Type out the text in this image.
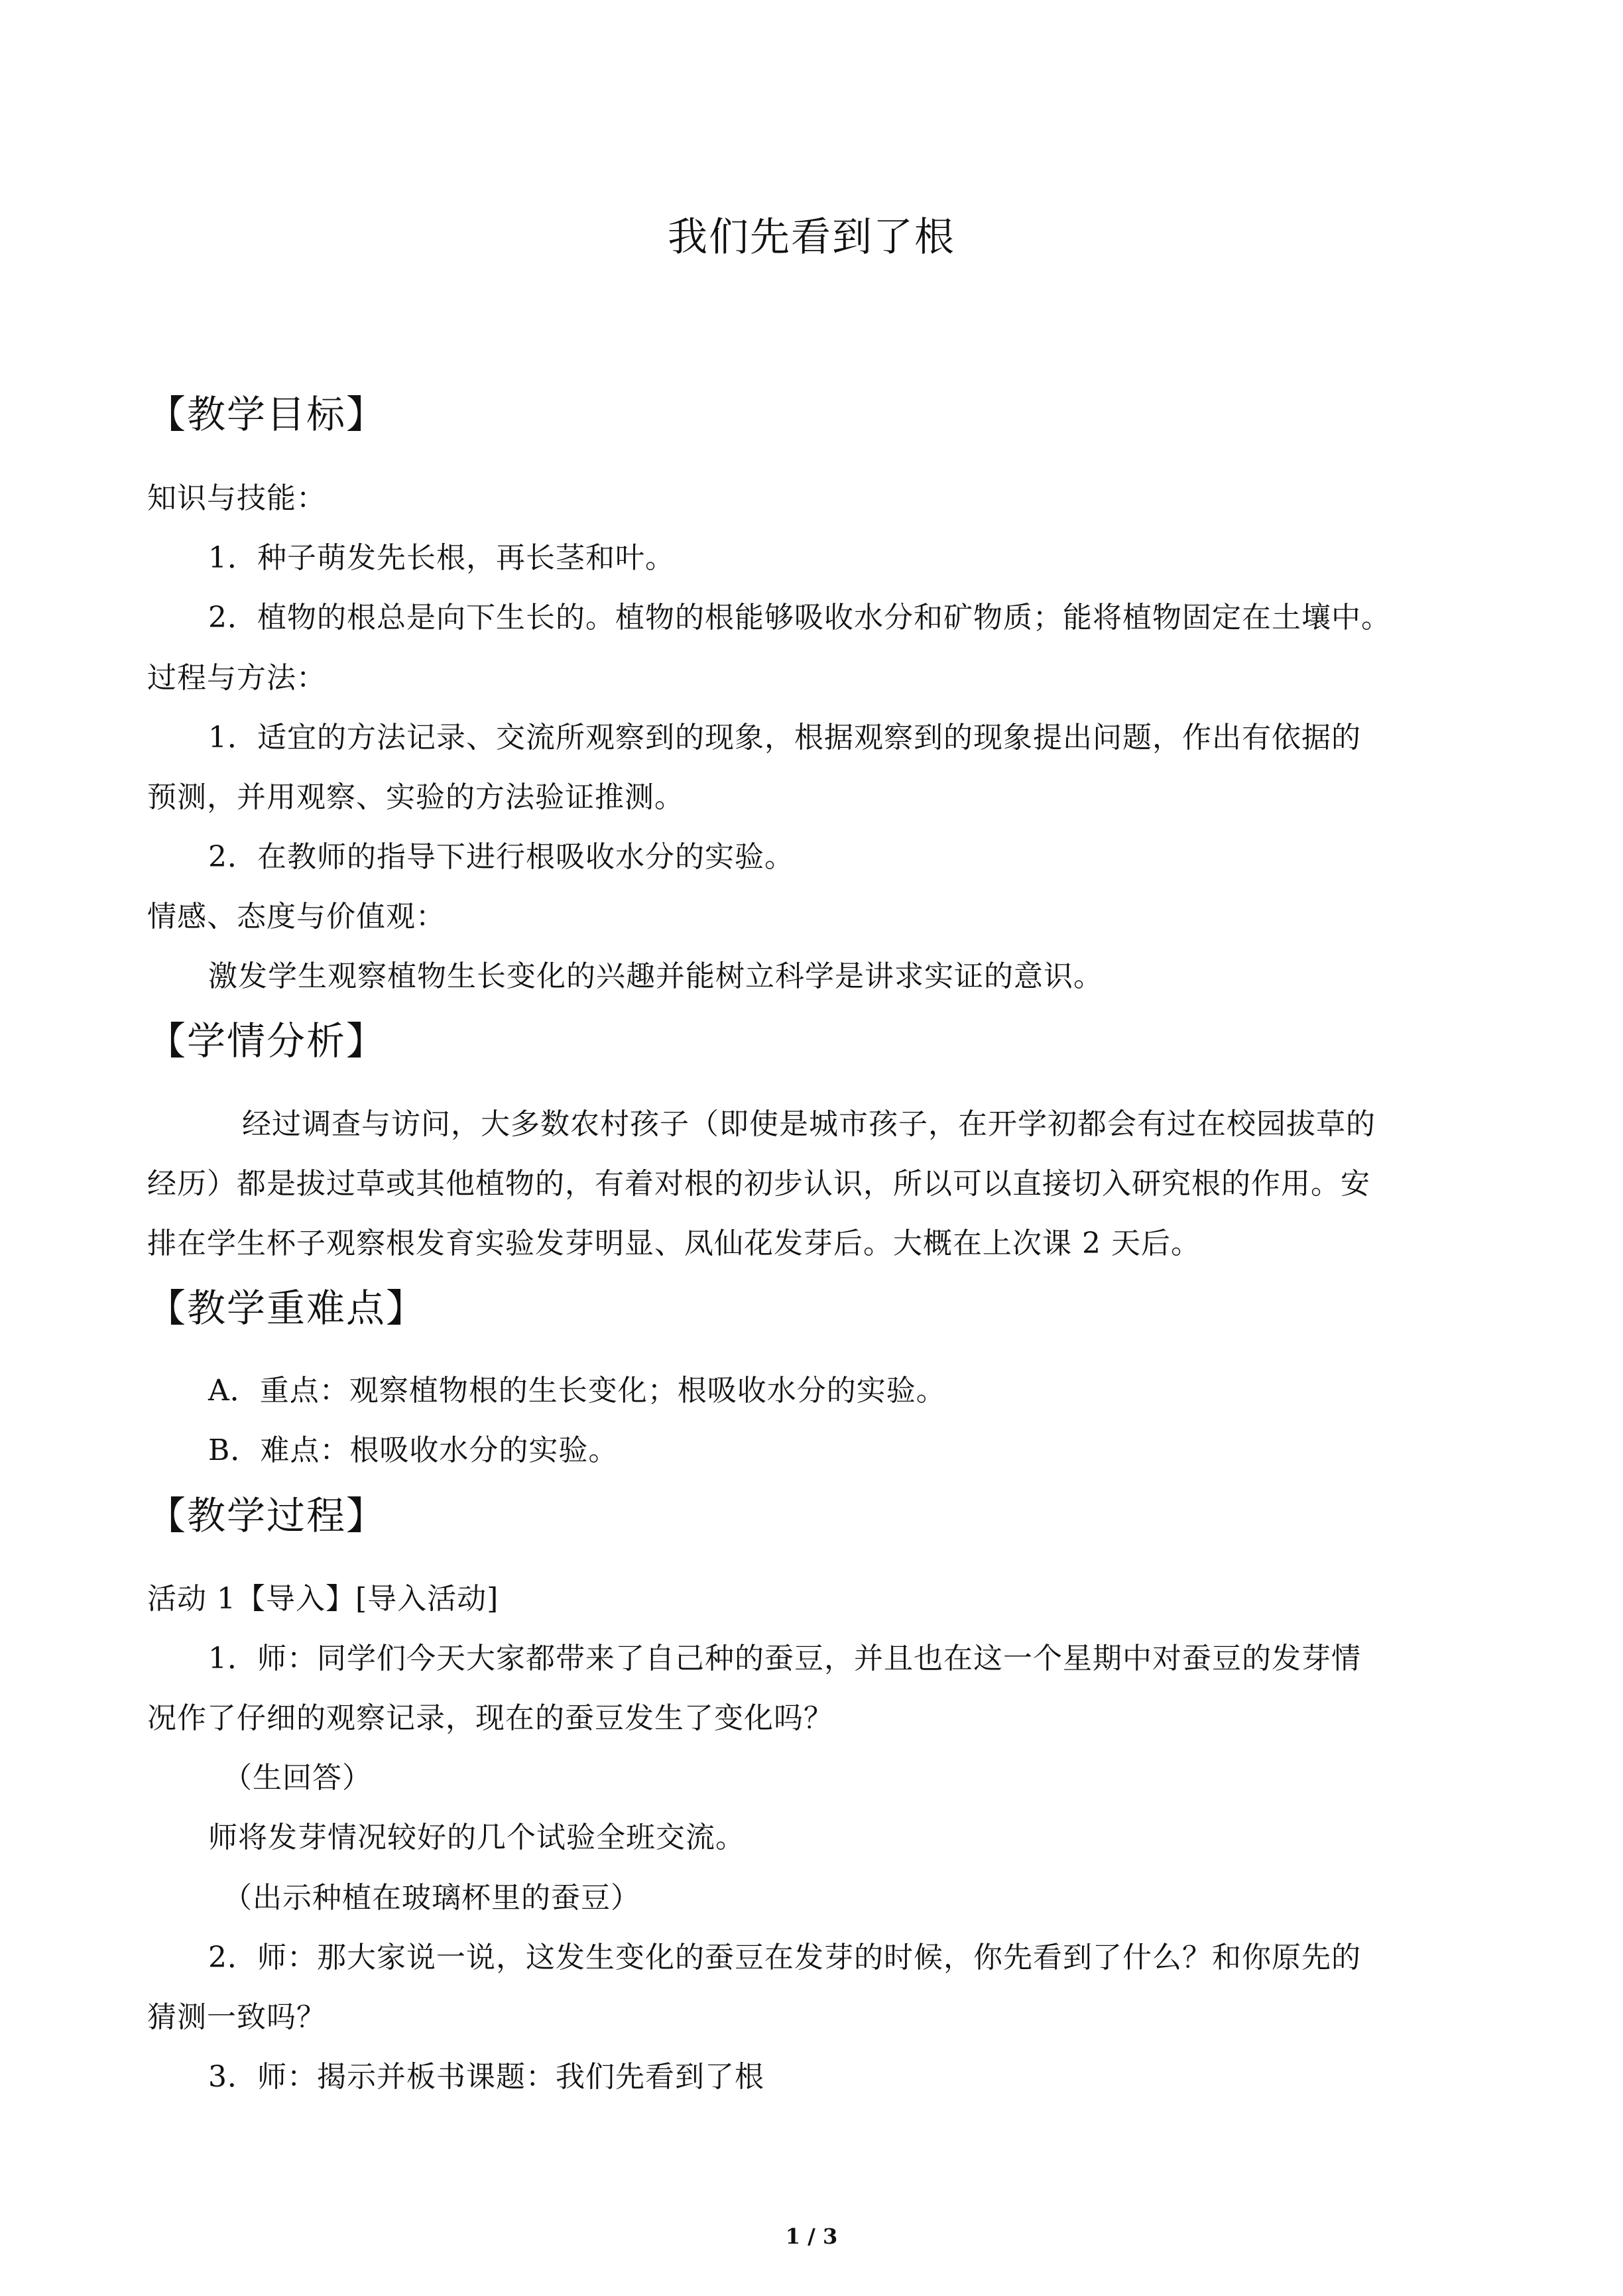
我们先看到了根
【教学目标】
知识与技能：
1．种子萌发先长根，再长茎和叶。
2．植物的根总是向下生长的。植物的根能够吸收水分和矿物质；能将植物固定在土壤中。
过程与方法：
1．适宜的方法记录、交流所观察到的现象，根据观察到的现象提出问题，作出有依据的
预测，并用观察、实验的方法验证推测。
2．在教师的指导下进行根吸收水分的实验。
情感、态度与价值观：
激发学生观察植物生长变化的兴趣并能树立科学是讲求实证的意识。
【学情分析】
经过调查与访问，大多数农村孩子（即使是城市孩子，在开学初都会有过在校园拔草的
经历）都是拔过草或其他植物的，有着对根的初步认识，所以可以直接切入研究根的作用。安
排在学生杯子观察根发育实验发芽明显、凤仙花发芽后。大概在上次课 2 天后。
【教学重难点】
A．重点：观察植物根的生长变化；根吸收水分的实验。
B．难点：根吸收水分的实验。
【教学过程】
活动 1【导入】[导入活动]
1．师：同学们今天大家都带来了自己种的蚕豆，并且也在这一个星期中对蚕豆的发芽情
况作了仔细的观察记录，现在的蚕豆发生了变化吗？
（生回答）
师将发芽情况较好的几个试验全班交流。
（出示种植在玻璃杯里的蚕豆）
2．师：那大家说一说，这发生变化的蚕豆在发芽的时候，你先看到了什么？和你原先的
猜测一致吗？
3．师：揭示并板书课题：我们先看到了根
1 / 3
